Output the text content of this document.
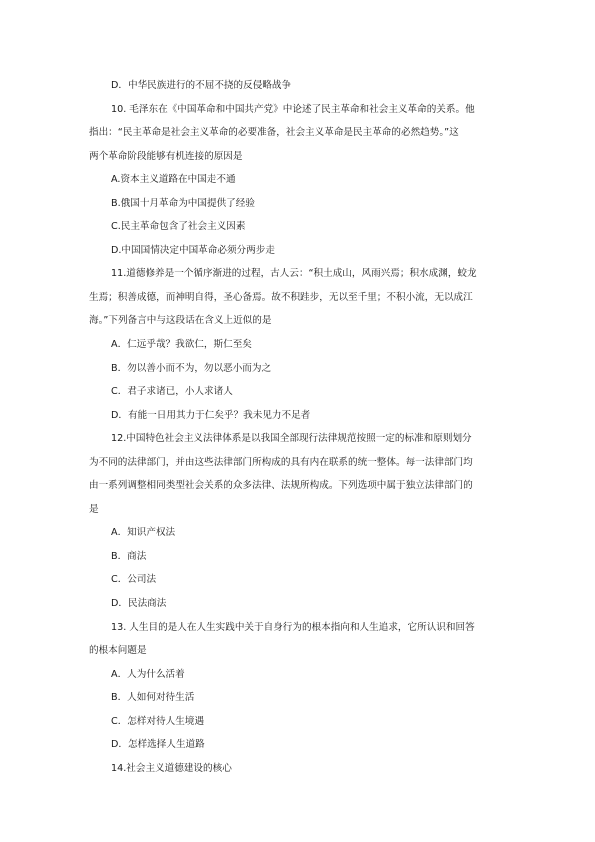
D．中华民族进行的不屈不挠的反侵略战争
10. 毛泽东在《中国革命和中国共产党》中论述了民主革命和社会主义革命的关系。他
指出：“民主革命是社会主义革命的必要准备，社会主义革命是民主革命的必然趋势。”这
两个革命阶段能够有机连接的原因是
A.资本主义道路在中国走不通
B.俄国十月革命为中国提供了经验
C.民主革命包含了社会主义因素
D.中国国情决定中国革命必须分两步走
11.道德修养是一个循序渐进的过程，古人云：“积土成山，风雨兴焉；积水成渊，蛟龙
生焉；积善成德，而神明自得，圣心备焉。故不积跬步，无以至千里；不积小流，无以成江
海。”下列备言中与这段话在含义上近似的是
A．仁远乎哉？我欲仁，斯仁至矣
B．勿以善小而不为，勿以恶小而为之
C．君子求诸已，小人求诸人
D．有能一日用其力于仁矣乎？我未见力不足者
12.中国特色社会主义法律体系是以我国全部现行法律规范按照一定的标准和原则划分
为不同的法律部门，并由这些法律部门所构成的具有内在联系的统一整体。每一法律部门均
由一系列调整相同类型社会关系的众多法律、法规所构成。下列选项中属于独立法律部门的
是
A．知识产权法
B．商法
C．公司法
D．民法商法
13. 人生目的是人在人生实践中关于自身行为的根本指向和人生追求，它所认识和回答
的根本问题是
A．人为什么活着
B．人如何对待生活
C．怎样对待人生境遇
D．怎样选择人生道路
14.社会主义道德建设的核心
